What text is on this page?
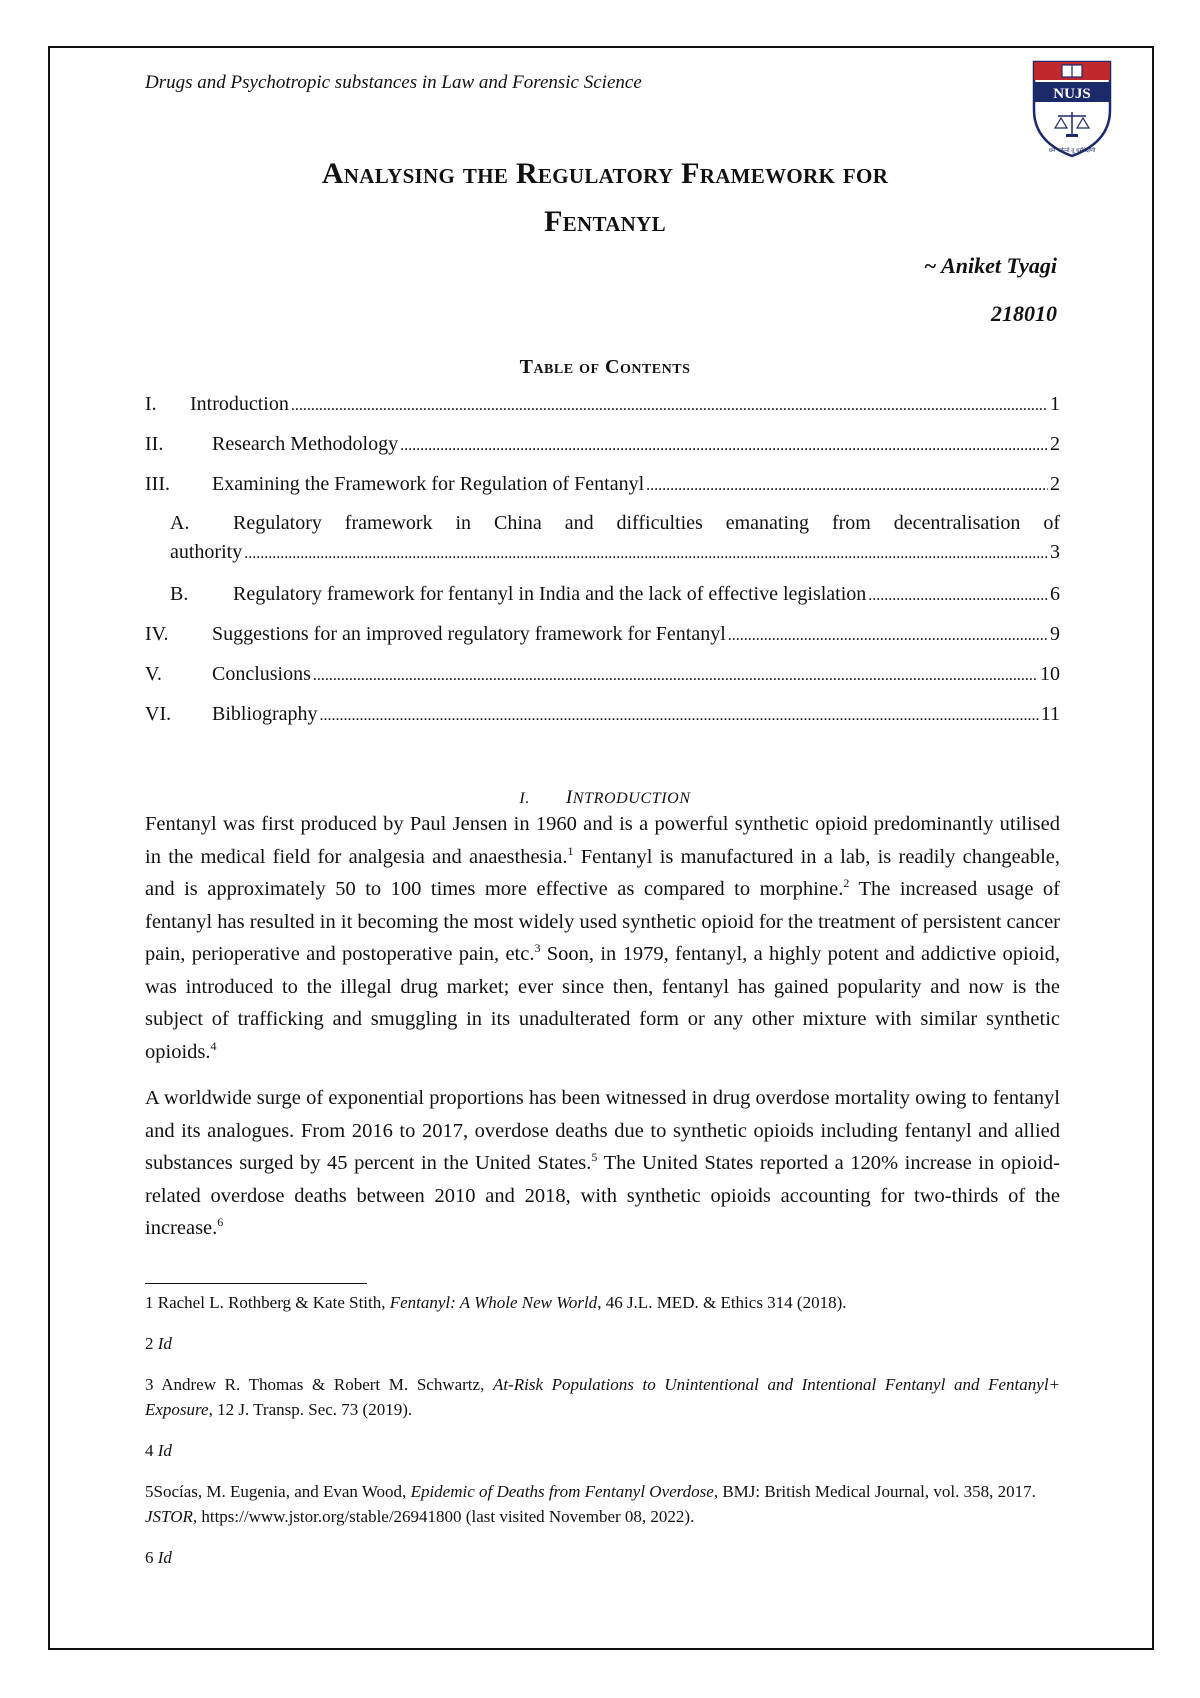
Drugs and Psychotropic substances in Law and Forensic Science
NUJS
धर्म पर्यत्नो तु धर्मपेक्षणी
Analysing the Regulatory Framework for
Fentanyl
~ Aniket Tyagi
218010
Table of Contents
I.	Introduction .....	1
II.	Research Methodology .....	2
III.	Examining the Framework for Regulation of Fentanyl .....	2
A.	Regulatory framework in China and difficulties emanating from decentralisation of
authority .....	3
B.	Regulatory framework for fentanyl in India and the lack of effective legislation .....	6
IV.	Suggestions for an improved regulatory framework for Fentanyl .....	9
V.	Conclusions .....	10
VI.	Bibliography .....	11
I. INTRODUCTION

Fentanyl was first produced by Paul Jensen in 1960 and is a powerful synthetic opioid predominantly utilised in the medical field for analgesia and anaesthesia.$^1$ Fentanyl is manufactured in a lab, is readily changeable, and is approximately 50 to 100 times more effective as compared to morphine.$^2$ The increased usage of fentanyl has resulted in it becoming the most widely used synthetic opioid for the treatment of persistent cancer pain, perioperative and postoperative pain, etc.$^3$ Soon, in 1979, fentanyl, a highly potent and addictive opioid, was introduced to the illegal drug market; ever since then, fentanyl has gained popularity and now is the subject of trafficking and smuggling in its unadulterated form or any other mixture with similar synthetic opioids.$^4$

A worldwide surge of exponential proportions has been witnessed in drug overdose mortality owing to fentanyl and its analogues. From 2016 to 2017, overdose deaths due to synthetic opioids including fentanyl and allied substances surged by 45 percent in the United States.$^5$ The United States reported a 120% increase in opioid-related overdose deaths between 2010 and 2018, with synthetic opioids accounting for two-thirds of the increase.$^6$

1 Rachel L. Rothberg & Kate Stith, Fentanyl: A Whole New World, 46 J.L. MED. & Ethics 314 (2018).
2 Id
3 Andrew R. Thomas & Robert M. Schwartz, At-Risk Populations to Unintentional and Intentional Fentanyl and Fentanyl+ Exposure, 12 J. Transp. Sec. 73 (2019).
4 Id
5Socías, M. Eugenia, and Evan Wood, Epidemic of Deaths from Fentanyl Overdose, BMJ: British Medical Journal, vol. 358, 2017. JSTOR, https://www.jstor.org/stable/26941800 (last visited November 08, 2022).
6 Id
